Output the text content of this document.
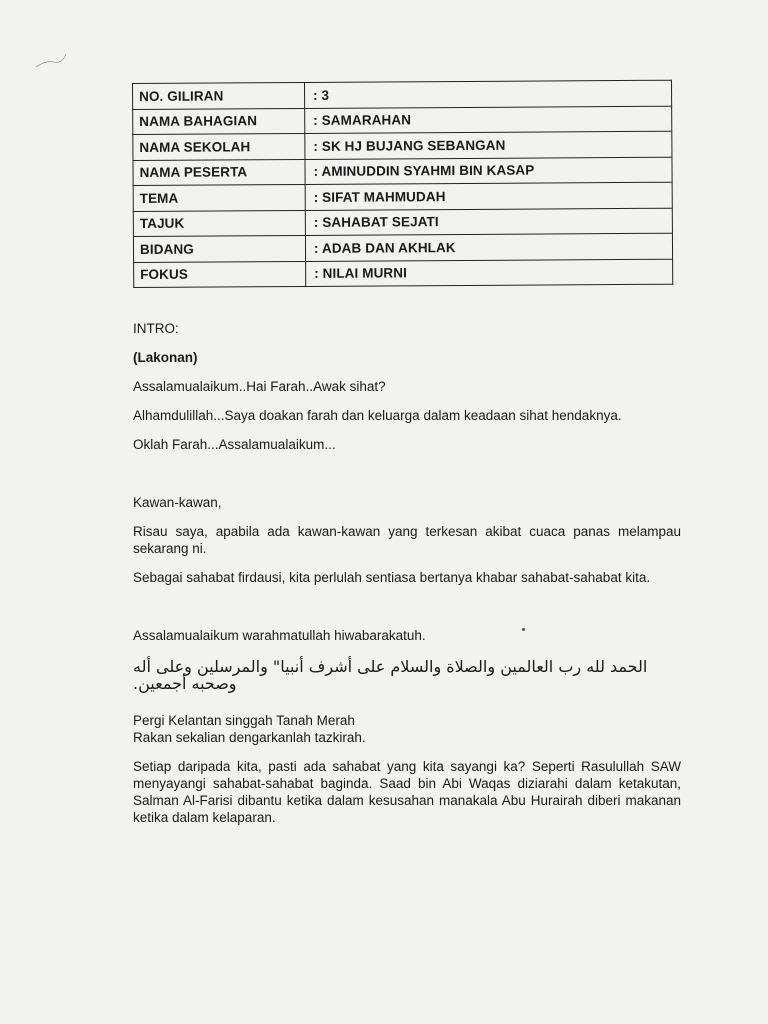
NO. GILIRAN	: 3
NAMA BAHAGIAN	: SAMARAHAN
NAMA SEKOLAH	: SK HJ BUJANG SEBANGAN
NAMA PESERTA	: AMINUDDIN SYAHMI BIN KASAP
TEMA	: SIFAT MAHMUDAH
TAJUK	: SAHABAT SEJATI
BIDANG	: ADAB DAN AKHLAK
FOKUS	: NILAI MURNI

INTRO:

(Lakonan)

Assalamualaikum..Hai Farah..Awak sihat?

Alhamdulillah...Saya doakan farah dan keluarga dalam keadaan sihat hendaknya.

Oklah Farah...Assalamualaikum...

Kawan-kawan,

Risau saya, apabila ada kawan-kawan yang terkesan akibat cuaca panas melampau sekarang ni.

Sebagai sahabat firdausi, kita perlulah sentiasa bertanya khabar sahabat-sahabat kita.

Assalamualaikum warahmatullah hiwabarakatuh.

الحمد لله رب العالمين والصلاة والسلام على أشرف أنبيا" والمرسلين وعلى أله وصحبه أجمعين.

Pergi Kelantan singgah Tanah Merah

Rakan sekalian dengarkanlah tazkirah.

Setiap daripada kita, pasti ada sahabat yang kita sayangi ka? Seperti Rasulullah SAW menyayangi sahabat-sahabat baginda. Saad bin Abi Waqas diziarahi dalam ketakutan, Salman Al-Farisi dibantu ketika dalam kesusahan manakala Abu Hurairah diberi makanan ketika dalam kelaparan.
